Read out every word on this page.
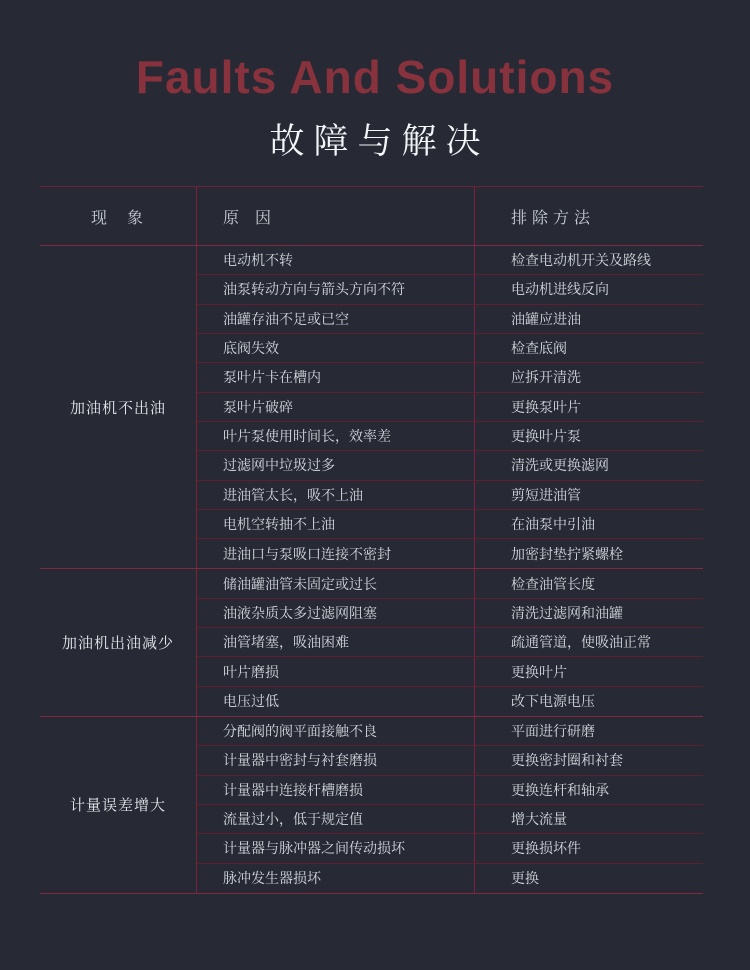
Faults And Solutions
故障与解决
现　象	原　因	排除方法
加油机不出油
电动机不转	检查电动机开关及路线
油泵转动方向与箭头方向不符	电动机进线反向
油罐存油不足或已空	油罐应进油
底阀失效	检查底阀
泵叶片卡在槽内	应拆开清洗
泵叶片破碎	更换泵叶片
叶片泵使用时间长，效率差	更换叶片泵
过滤网中垃圾过多	清洗或更换滤网
进油管太长，吸不上油	剪短进油管
电机空转抽不上油	在油泵中引油
进油口与泵吸口连接不密封	加密封垫拧紧螺栓
加油机出油减少
储油罐油管未固定或过长	检查油管长度
油液杂质太多过滤网阻塞	清洗过滤网和油罐
油管堵塞，吸油困难	疏通管道，使吸油正常
叶片磨损	更换叶片
电压过低	改下电源电压
计量误差增大
分配阀的阀平面接触不良	平面进行研磨
计量器中密封与衬套磨损	更换密封圈和衬套
计量器中连接杆槽磨损	更换连杆和轴承
流量过小，低于规定值	增大流量
计量器与脉冲器之间传动损坏	更换损坏件
脉冲发生器损坏	更换
